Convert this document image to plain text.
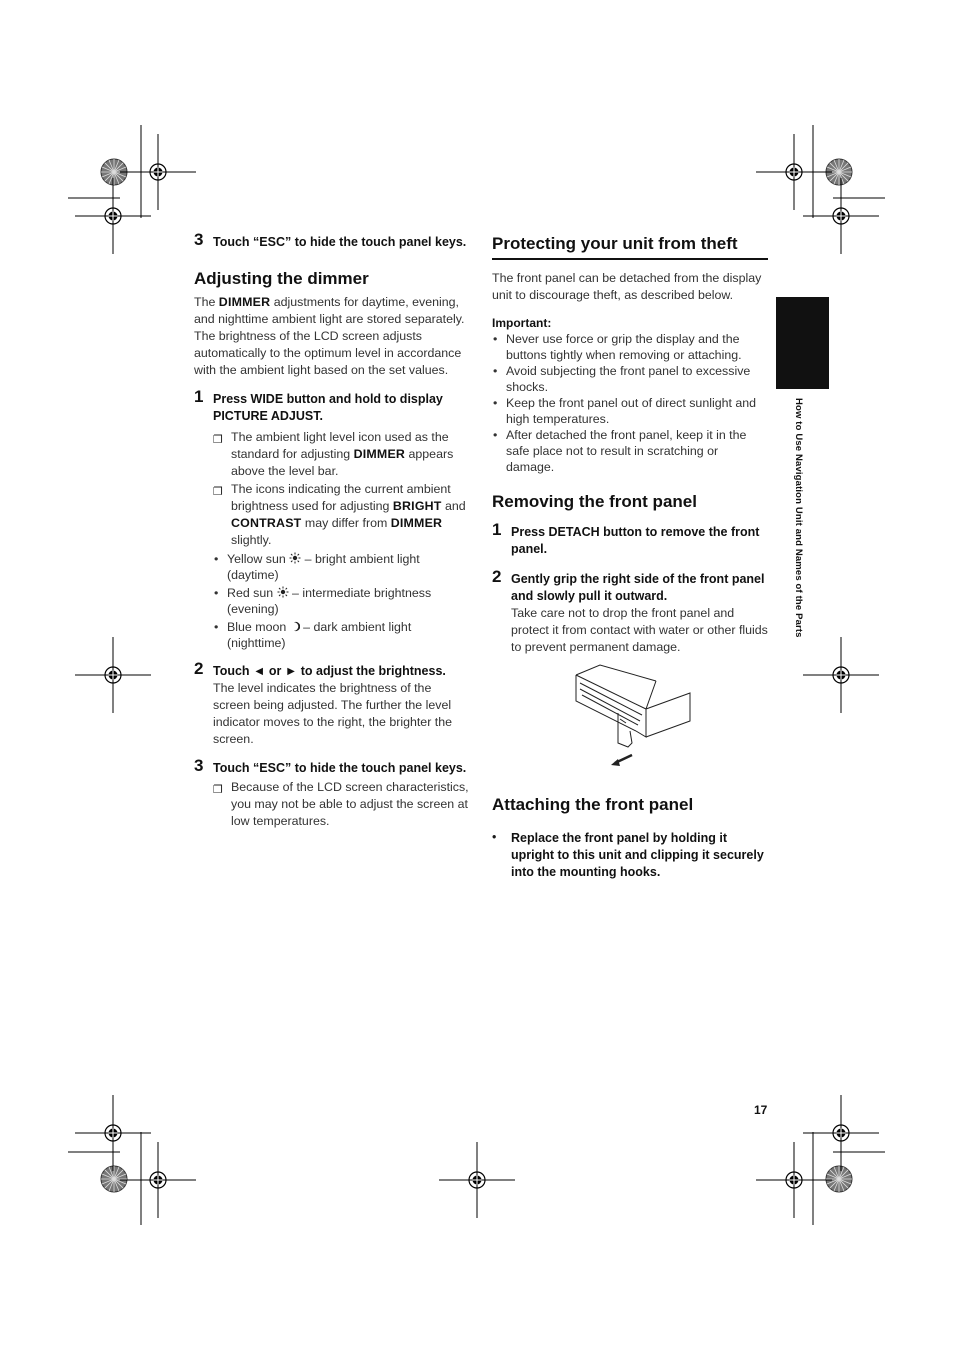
3 Touch “ESC” to hide the touch panel keys.
Adjusting the dimmer
The DIMMER adjustments for daytime, evening, and nighttime ambient light are stored separately. The brightness of the LCD screen adjusts automatically to the optimum level in accordance with the ambient light based on the set values.
1 Press WIDE button and hold to display PICTURE ADJUST.
❐ The ambient light level icon used as the standard for adjusting DIMMER appears above the level bar.
❐ The icons indicating the current ambient brightness used for adjusting BRIGHT and CONTRAST may differ from DIMMER slightly.
• Yellow sun  – bright ambient light
(daytime)
• Red sun  – intermediate brightness
(evening)
• Blue moon  – dark ambient light
(nighttime)
2 Touch ◄ or ► to adjust the brightness.
The level indicates the brightness of the screen being adjusted. The further the level indicator moves to the right, the brighter the screen.
3 Touch “ESC” to hide the touch panel keys.
❐ Because of the LCD screen characteristics, you may not be able to adjust the screen at low temperatures.
Protecting your unit from theft
The front panel can be detached from the display unit to discourage theft, as described below.
Important:
• Never use force or grip the display and the buttons tightly when removing or attaching.
• Avoid subjecting the front panel to excessive shocks.
• Keep the front panel out of direct sunlight and high temperatures.
• After detached the front panel, keep it in the safe place not to result in scratching or damage.
Removing the front panel
1 Press DETACH button to remove the front panel.
2 Gently grip the right side of the front panel and slowly pull it outward.
Take care not to drop the front panel and protect it from contact with water or other fluids to prevent permanent damage.
Attaching the front panel
• Replace the front panel by holding it upright to this unit and clipping it securely into the mounting hooks.
How to Use Navigation Unit and Names of the Parts
17
